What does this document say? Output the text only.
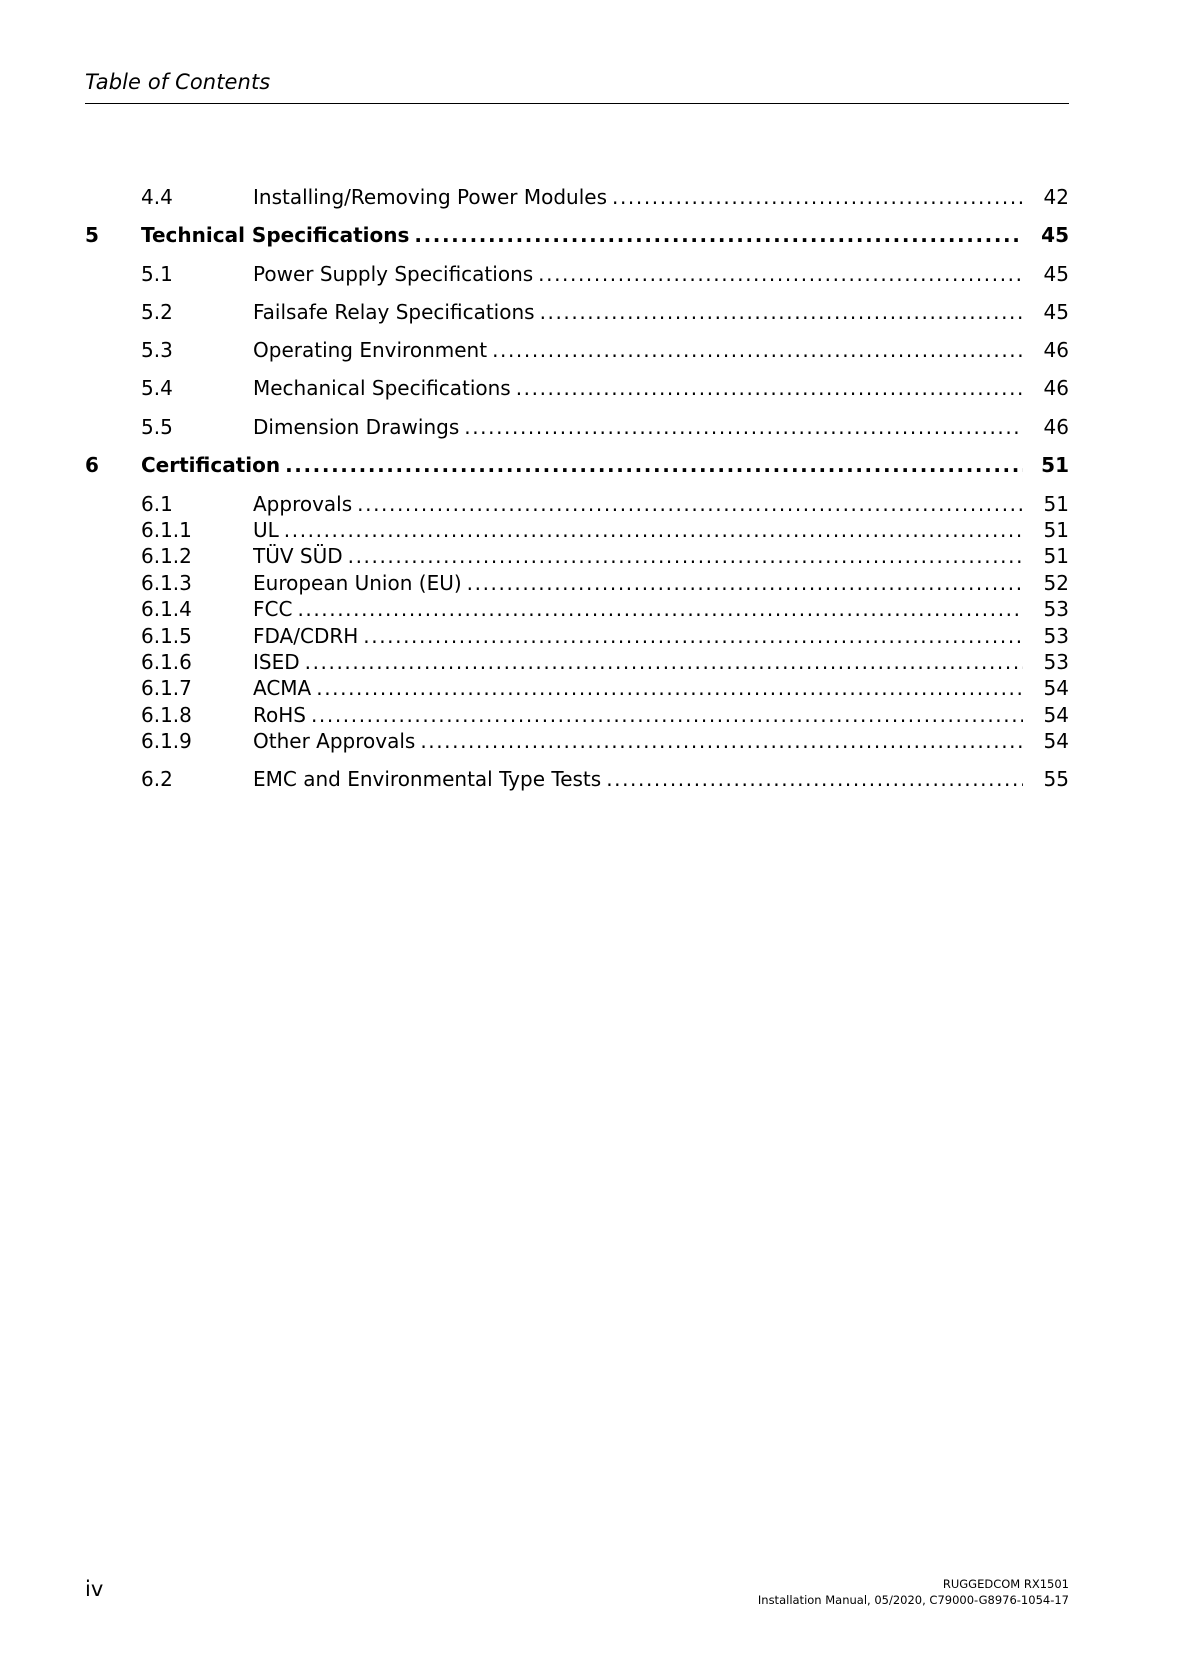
Table of Contents
4.4	Installing/Removing Power Modules .....	42
5 Technical Specifications .....	45
5.1	Power Supply Specifications .....	45
5.2	Failsafe Relay Specifications .....	45
5.3	Operating Environment .....	46
5.4	Mechanical Specifications .....	46
5.5	Dimension Drawings .....	46
6 Certification .....	51
6.1	Approvals .....	51
6.1.1	UL .....	51
6.1.2	TÜV SÜD .....	51
6.1.3	European Union (EU) .....	52
6.1.4	FCC .....	53
6.1.5	FDA/CDRH .....	53
6.1.6	ISED .....	53
6.1.7	ACMA .....	54
6.1.8	RoHS .....	54
6.1.9	Other Approvals .....	54
6.2	EMC and Environmental Type Tests .....	55
iv	RUGGEDCOM RX1501
Installation Manual, 05/2020, C79000-G8976-1054-17
